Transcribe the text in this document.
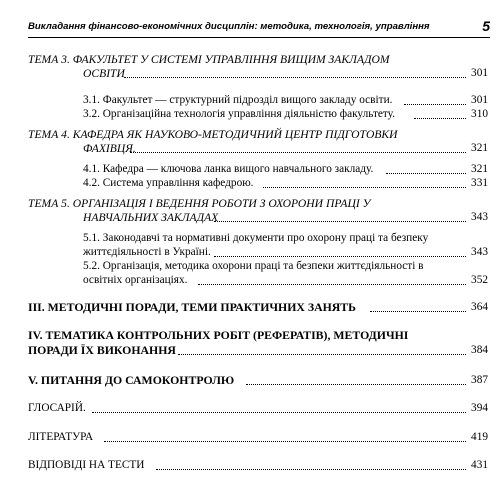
Викладання фінансово-економічних дисциплін: методика, технологія, управління	5
ТЕМА 3. ФАКУЛЬТЕТ У СИСТЕМІ УПРАВЛІННЯ ВИЩИМ ЗАКЛАДОМ
ОСВІТИ	301
3.1. Факультет — структурний підрозділ вищого закладу освіти.	301
3.2. Організаційна технологія управління діяльністю факультету.	310
ТЕМА 4. КАФЕДРА ЯК НАУКОВО-МЕТОДИЧНИЙ ЦЕНТР ПІДГОТОВКИ
ФАХІВЦЯ.	321
4.1. Кафедра — ключова ланка вищого навчального закладу.	321
4.2. Система управління кафедрою.	331
ТЕМА 5. ОРГАНІЗАЦІЯ І ВЕДЕННЯ РОБОТИ З ОХОРОНИ ПРАЦІ У
НАВЧАЛЬНИХ ЗАКЛАДАХ	343
5.1. Законодавчі та нормативні документи про охорону праці та безпеку
життєдіяльності в Україні.	343
5.2. Організація, методика охорони праці та безпеки життєдіяльності в
освітніх організаціях.	352
ІІІ. МЕТОДИЧНІ ПОРАДИ, ТЕМИ ПРАКТИЧНИХ ЗАНЯТЬ	364
IV. ТЕМАТИКА КОНТРОЛЬНИХ РОБІТ (РЕФЕРАТІВ), МЕТОДИЧНІ
ПОРАДИ ЇХ ВИКОНАННЯ	384
V. ПИТАННЯ ДО САМОКОНТРОЛЮ	387
ГЛОСАРІЙ.	394
ЛІТЕРАТУРА	419
ВІДПОВІДІ НА ТЕСТИ	431
